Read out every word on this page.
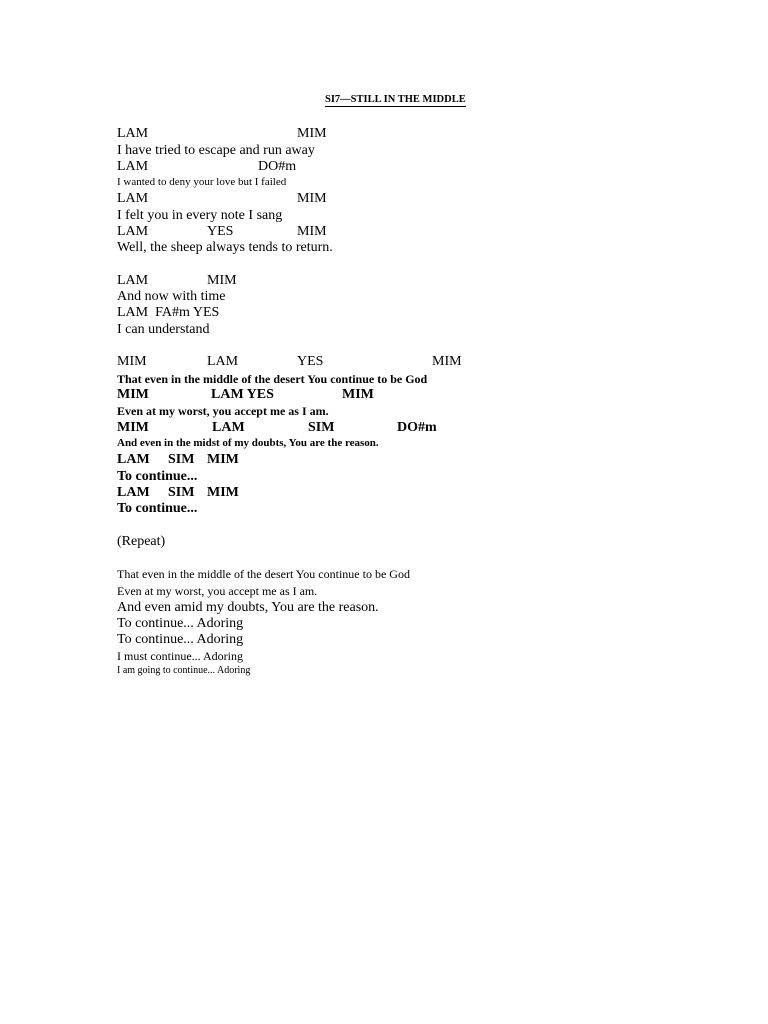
SI7—STILL IN THE MIDDLE
LAM	MIM
I have tried to escape and run away
LAM	DO#m
I wanted to deny your love but I failed
LAM	MIM
I felt you in every note I sang
LAM	YES	MIM
Well, the sheep always tends to return.
LAM	MIM
And now with time
LAM  FA#m YES
I can understand
MIM	LAM	YES	MIM
That even in the middle of the desert You continue to be God
MIM	LAM YES	MIM
Even at my worst, you accept me as I am.
MIM	LAM	SIM	DO#m
And even in the midst of my doubts, You are the reason.
LAM SIM MIM
To continue...
LAM SIM MIM
To continue...
(Repeat)
That even in the middle of the desert You continue to be God
Even at my worst, you accept me as I am.
And even amid my doubts, You are the reason.
To continue... Adoring
To continue... Adoring
I must continue... Adoring
I am going to continue... Adoring
